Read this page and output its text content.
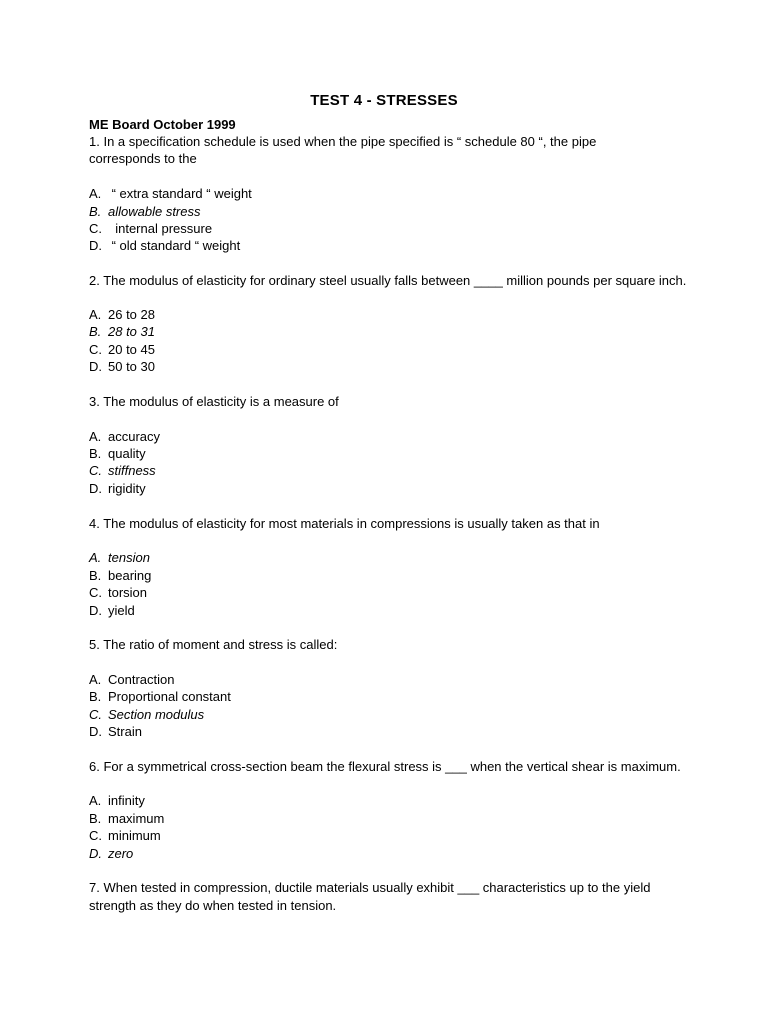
TEST 4 - STRESSES
ME Board October 1999
1. In a specification schedule is used when the pipe specified is “ schedule 80 “, the pipe
corresponds to the
A. “ extra standard “ weight
B. allowable stress
C.  internal pressure
D. “ old standard “ weight
2. The modulus of elasticity for ordinary steel usually falls between ____ million pounds per square inch.
A. 26 to 28
B. 28 to 31
C. 20 to 45
D. 50 to 30
3. The modulus of elasticity is a measure of
A. accuracy
B. quality
C. stiffness
D. rigidity
4. The modulus of elasticity for most materials in compressions is usually taken as that in
A. tension
B. bearing
C. torsion
D. yield
5. The ratio of moment and stress is called:
A. Contraction
B. Proportional constant
C. Section modulus
D. Strain
6. For a symmetrical cross-section beam the flexural stress is ___ when the vertical shear is maximum.
A. infinity
B. maximum
C. minimum
D. zero
7. When tested in compression, ductile materials usually exhibit ___ characteristics up to the yield
strength as they do when tested in tension.
